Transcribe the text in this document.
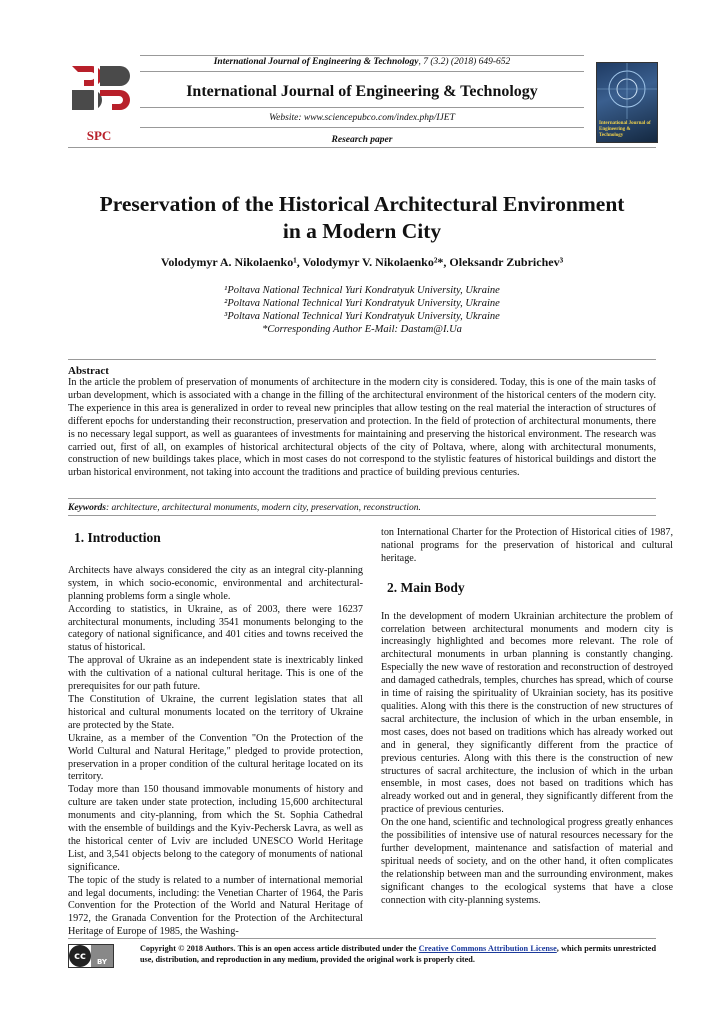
SPC
International Journal of Engineering & Technology, 7 (3.2) (2018) 649-652
International Journal of Engineering & Technology
Website: www.sciencepubco.com/index.php/IJET
Research paper
International Journal of Engineering & Technology
Preservation of the Historical Architectural Environment
in a Modern City
Volodymyr A. Nikolaenko¹, Volodymyr V. Nikolaenko²*, Oleksandr Zubrichev³
¹Poltava National Technical Yuri Kondratyuk University, Ukraine
²Poltava National Technical Yuri Kondratyuk University, Ukraine
³Poltava National Technical Yuri Kondratyuk University, Ukraine
*Corresponding Author E-Mail: Dastam@I.Ua
Abstract
In the article the problem of preservation of monuments of architecture in the modern city is considered. Today, this is one of the main tasks of urban development, which is associated with a change in the filling of the architectural environment of the historical centers of the modern city. The experience in this area is generalized in order to reveal new principles that allow testing on the real material the interaction of structures of different epochs for understanding their reconstruction, preservation and protection. In the field of protection of architectural monuments, there is no necessary legal support, as well as guarantees of investments for maintaining and preserving the historical environment. The research was carried out, first of all, on examples of historical architectural objects of the city of Poltava, where, along with architectural monuments, construction of new buildings takes place, which in most cases do not correspond to the stylistic features of historical buildings and distort the urban historical environment, not taking into account the traditions and practice of building previous centuries.
Keywords: architecture, architectural monuments, modern city, preservation, reconstruction.
1. Introduction

Architects have always considered the city as an integral city-planning system, in which socio-economic, environmental and architectural-planning problems form a single whole.

According to statistics, in Ukraine, as of 2003, there were 16237 architectural monuments, including 3541 monuments belonging to the category of national significance, and 401 cities and towns received the status of historical.

The approval of Ukraine as an independent state is inextricably linked with the cultivation of a national cultural heritage. This is one of the prerequisites for our path future.

The Constitution of Ukraine, the current legislation states that all historical and cultural monuments located on the territory of Ukraine are protected by the State.

Ukraine, as a member of the Convention "On the Protection of the World Cultural and Natural Heritage," pledged to provide protection, preservation in a proper condition of the cultural heritage located on its territory.

Today more than 150 thousand immovable monuments of history and culture are taken under state protection, including 15,600 architectural monuments and city-planning, from which the St. Sophia Cathedral with the ensemble of buildings and the Kyiv-Pechersk Lavra, as well as the historical center of Lviv are included UNESCO World Heritage List, and 3,541 objects belong to the category of monuments of national significance.

The topic of the study is related to a number of international memorial and legal documents, including: the Venetian Charter of 1964, the Paris Convention for the Protection of the World and Natural Heritage of 1972, the Granada Convention for the Protection of the Architectural Heritage of Europe of 1985, the Washing-

ton International Charter for the Protection of Historical cities of 1987, national programs for the preservation of historical and cultural heritage.

2. Main Body

In the development of modern Ukrainian architecture the problem of correlation between architectural monuments and modern city is increasingly highlighted and becomes more relevant. The role of architectural monuments in urban planning is constantly changing. Especially the new wave of restoration and reconstruction of destroyed and damaged cathedrals, temples, churches has spread, which of course in time of raising the spirituality of Ukrainian society, has its positive qualities. Along with this there is the construction of new structures of sacral architecture, the inclusion of which in the urban ensemble, in most cases, does not based on traditions which has already worked out and in general, they significantly different from the practice of previous centuries. Along with this there is the construction of new structures of sacral architecture, the inclusion of which in the urban ensemble, in most cases, does not based on traditions which has already worked out and in general, they significantly different from the practice of previous centuries.

On the one hand, scientific and technological progress greatly enhances the possibilities of intensive use of natural resources necessary for the further development, maintenance and satisfaction of material and spiritual needs of society, and on the other hand, it often complicates the relationship between man and the surrounding environment, makes significant changes to the ecological systems that have a close connection with city-planning systems.

cc
BY
Copyright © 2018 Authors. This is an open access article distributed under the Creative Commons Attribution License, which permits unrestricted use, distribution, and reproduction in any medium, provided the original work is properly cited.
